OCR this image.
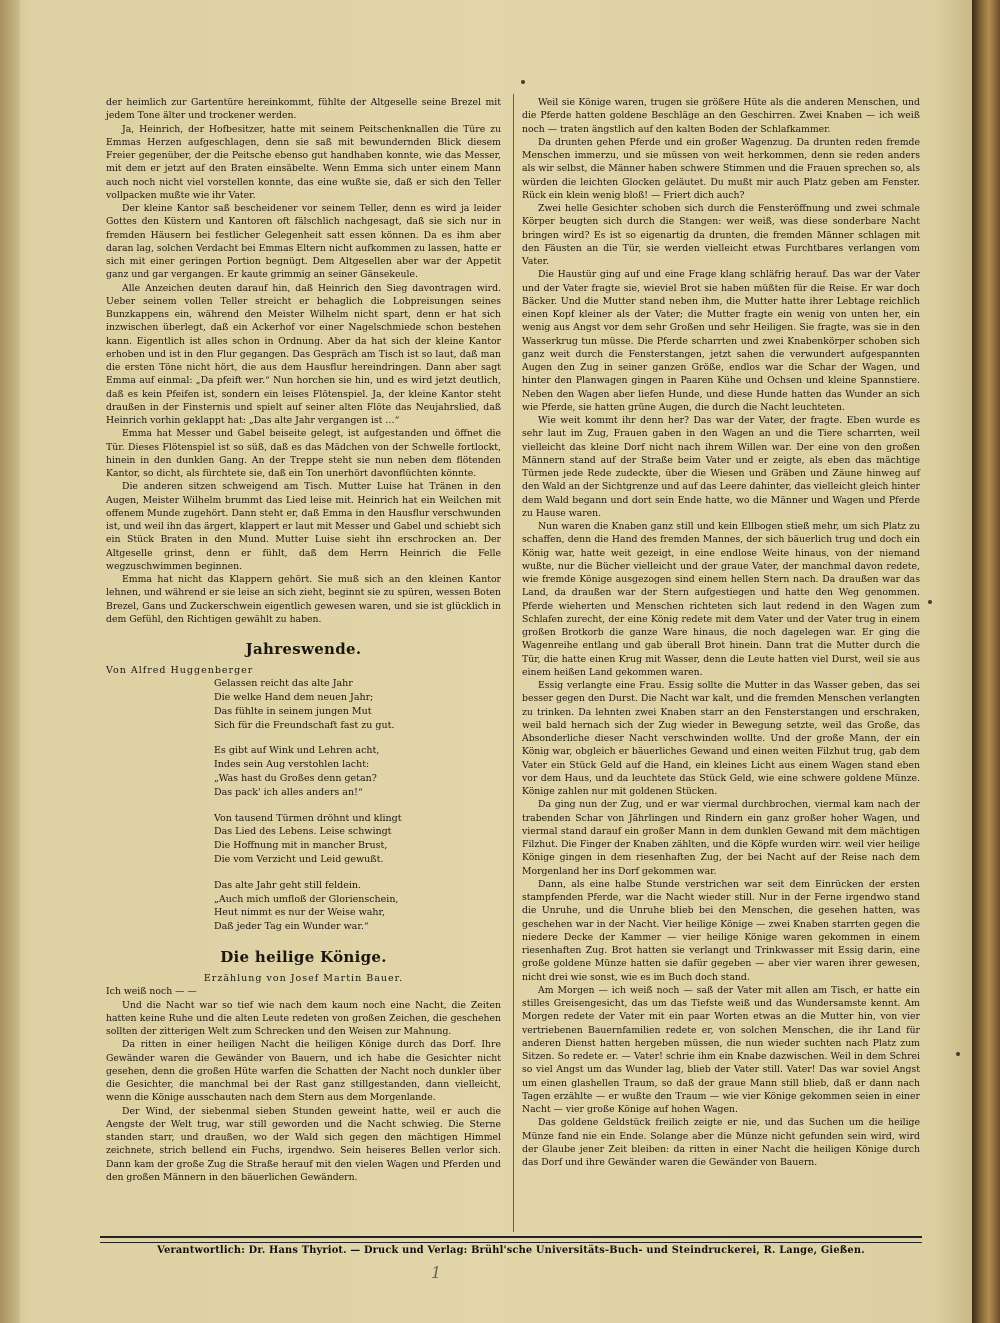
der heimlich zur Gartentüre hereinkommt, fühlte der Altgeselle seine Brezel mit jedem Tone älter und trockener werden.

Ja, Heinrich, der Hofbesitzer, hatte mit seinem Peitschenknallen die Türe zu Emmas Herzen aufgeschlagen, denn sie saß mit bewundernden Blick diesem Freier gegenüber, der die Peitsche ebenso gut handhaben konnte, wie das Messer, mit dem er jetzt auf den Braten einsäbelte. Wenn Emma sich unter einem Mann auch noch nicht viel vorstellen konnte, das eine wußte sie, daß er sich den Teller vollpacken mußte wie ihr Vater.

Der kleine Kantor saß bescheidener vor seinem Teller, denn es wird ja leider Gottes den Küstern und Kantoren oft fälschlich nachgesagt, daß sie sich nur in fremden Häusern bei festlicher Gelegenheit satt essen können. Da es ihm aber daran lag, solchen Verdacht bei Emmas Eltern nicht aufkommen zu lassen, hatte er sich mit einer geringen Portion begnügt. Dem Altgesellen aber war der Appetit ganz und gar vergangen. Er kaute grimmig an seiner Gänsekeule.

Alle Anzeichen deuten darauf hin, daß Heinrich den Sieg davontragen wird. Ueber seinem vollen Teller streicht er behaglich die Lobpreisungen seines Bunzkappens ein, während den Meister Wilhelm nicht spart, denn er hat sich inzwischen überlegt, daß ein Ackerhof vor einer Nagelschmiede schon bestehen kann. Eigentlich ist alles schon in Ordnung. Aber da hat sich der kleine Kantor erhoben und ist in den Flur gegangen. Das Gespräch am Tisch ist so laut, daß man die ersten Töne nicht hört, die aus dem Hausflur hereindringen. Dann aber sagt Emma auf einmal: „Da pfeift wer.“ Nun horchen sie hin, und es wird jetzt deutlich, daß es kein Pfeifen ist, sondern ein leises Flötenspiel. Ja, der kleine Kantor steht draußen in der Finsternis und spielt auf seiner alten Flöte das Neujahrslied, daß Heinrich vorhin geklappt hat: „Das alte Jahr vergangen ist …“

Emma hat Messer und Gabel beiseite gelegt, ist aufgestanden und öffnet die Tür. Dieses Flötenspiel ist so süß, daß es das Mädchen von der Schwelle fortlockt, hinein in den dunklen Gang. An der Treppe steht sie nun neben dem flötenden Kantor, so dicht, als fürchtete sie, daß ein Ton unerhört davonflüchten könnte.

Die anderen sitzen schweigend am Tisch. Mutter Luise hat Tränen in den Augen, Meister Wilhelm brummt das Lied leise mit. Heinrich hat ein Weilchen mit offenem Munde zugehört. Dann steht er, daß Emma in den Hausflur verschwunden ist, und weil ihn das ärgert, klappert er laut mit Messer und Gabel und schiebt sich ein Stück Braten in den Mund. Mutter Luise sieht ihn erschrocken an. Der Altgeselle grinst, denn er fühlt, daß dem Herrn Heinrich die Felle wegzuschwimmen beginnen.

Emma hat nicht das Klappern gehört. Sie muß sich an den kleinen Kantor lehnen, und während er sie leise an sich zieht, beginnt sie zu spüren, wessen Boten Brezel, Gans und Zuckerschwein eigentlich gewesen waren, und sie ist glücklich in dem Gefühl, den Richtigen gewählt zu haben.

Jahreswende.

Von Alfred Huggenberger

Gelassen reicht das alte Jahr
Die welke Hand dem neuen Jahr;
Das fühlte in seinem jungen Mut
Sich für die Freundschaft fast zu gut.
Es gibt auf Wink und Lehren acht,
Indes sein Aug verstohlen lacht:
„Was hast du Großes denn getan?
Das pack' ich alles anders an!“
Von tausend Türmen dröhnt und klingt
Das Lied des Lebens. Leise schwingt
Die Hoffnung mit in mancher Brust,
Die vom Verzicht und Leid gewußt.
Das alte Jahr geht still feldein.
„Auch mich umfloß der Glorienschein,
Heut nimmt es nur der Weise wahr,
Daß jeder Tag ein Wunder war.“
Die heilige Könige.

Erzählung von Josef Martin Bauer.

Ich weiß noch — —

Und die Nacht war so tief wie nach dem kaum noch eine Nacht, die Zeiten hatten keine Ruhe und die alten Leute redeten von großen Zeichen, die geschehen sollten der zitterigen Welt zum Schrecken und den Weisen zur Mahnung.

Da ritten in einer heiligen Nacht die heiligen Könige durch das Dorf. Ihre Gewänder waren die Gewänder von Bauern, und ich habe die Gesichter nicht gesehen, denn die großen Hüte warfen die Schatten der Nacht noch dunkler über die Gesichter, die manchmal bei der Rast ganz stillgestanden, dann vielleicht, wenn die Könige ausschauten nach dem Stern aus dem Morgenlande.

Der Wind, der siebenmal sieben Stunden geweint hatte, weil er auch die Aengste der Welt trug, war still geworden und die Nacht schwieg. Die Sterne standen starr, und draußen, wo der Wald sich gegen den mächtigen Himmel zeichnete, strich bellend ein Fuchs, irgendwo. Sein heiseres Bellen verlor sich. Dann kam der große Zug die Straße herauf mit den vielen Wagen und Pferden und den großen Männern in den bäuerlichen Gewändern.

Weil sie Könige waren, trugen sie größere Hüte als die anderen Menschen, und die Pferde hatten goldene Beschläge an den Geschirren. Zwei Knaben — ich weiß noch — traten ängstlich auf den kalten Boden der Schlafkammer.

Da drunten gehen Pferde und ein großer Wagenzug. Da drunten reden fremde Menschen immerzu, und sie müssen von weit herkommen, denn sie reden anders als wir selbst, die Männer haben schwere Stimmen und die Frauen sprechen so, als würden die leichten Glocken geläutet. Du mußt mir auch Platz geben am Fenster. Rück ein klein wenig bloß! — Friert dich auch?

Zwei helle Gesichter schoben sich durch die Fensteröffnung und zwei schmale Körper beugten sich durch die Stangen: wer weiß, was diese sonderbare Nacht bringen wird? Es ist so eigenartig da drunten, die fremden Männer schlagen mit den Fäusten an die Tür, sie werden vielleicht etwas Furchtbares verlangen vom Vater.

Die Haustür ging auf und eine Frage klang schläfrig herauf. Das war der Vater und der Vater fragte sie, wieviel Brot sie haben müßten für die Reise. Er war doch Bäcker. Und die Mutter stand neben ihm, die Mutter hatte ihrer Lebtage reichlich einen Kopf kleiner als der Vater; die Mutter fragte ein wenig von unten her, ein wenig aus Angst vor dem sehr Großen und sehr Heiligen. Sie fragte, was sie in den Wasserkrug tun müsse. Die Pferde scharrten und zwei Knabenkörper schoben sich ganz weit durch die Fensterstangen, jetzt sahen die verwundert aufgespannten Augen den Zug in seiner ganzen Größe, endlos war die Schar der Wagen, und hinter den Planwagen gingen in Paaren Kühe und Ochsen und kleine Spannstiere. Neben den Wagen aber liefen Hunde, und diese Hunde hatten das Wunder an sich wie Pferde, sie hatten grüne Augen, die durch die Nacht leuchteten.

Wie weit kommt ihr denn her? Das war der Vater, der fragte. Eben wurde es sehr laut im Zug, Frauen gaben in den Wagen an und die Tiere scharrten, weil vielleicht das kleine Dorf nicht nach ihrem Willen war. Der eine von den großen Männern stand auf der Straße beim Vater und er zeigte, als eben das mächtige Türmen jede Rede zudeckte, über die Wiesen und Gräben und Zäune hinweg auf den Wald an der Sichtgrenze und auf das Leere dahinter, das vielleicht gleich hinter dem Wald begann und dort sein Ende hatte, wo die Männer und Wagen und Pferde zu Hause waren.

Nun waren die Knaben ganz still und kein Ellbogen stieß mehr, um sich Platz zu schaffen, denn die Hand des fremden Mannes, der sich bäuerlich trug und doch ein König war, hatte weit gezeigt, in eine endlose Weite hinaus, von der niemand wußte, nur die Bücher vielleicht und der graue Vater, der manchmal davon redete, wie fremde Könige ausgezogen sind einem hellen Stern nach. Da draußen war das Land, da draußen war der Stern aufgestiegen und hatte den Weg genommen. Pferde wieherten und Menschen richteten sich laut redend in den Wagen zum Schlafen zurecht, der eine König redete mit dem Vater und der Vater trug in einem großen Brotkorb die ganze Ware hinaus, die noch dagelegen war. Er ging die Wagenreihe entlang und gab überall Brot hinein. Dann trat die Mutter durch die Tür, die hatte einen Krug mit Wasser, denn die Leute hatten viel Durst, weil sie aus einem heißen Land gekommen waren.

Essig verlangte eine Frau. Essig sollte die Mutter in das Wasser geben, das sei besser gegen den Durst. Die Nacht war kalt, und die fremden Menschen verlangten zu trinken. Da lehnten zwei Knaben starr an den Fensterstangen und erschraken, weil bald hernach sich der Zug wieder in Bewegung setzte, weil das Große, das Absonderliche dieser Nacht verschwinden wollte. Und der große Mann, der ein König war, obgleich er bäuerliches Gewand und einen weiten Filzhut trug, gab dem Vater ein Stück Geld auf die Hand, ein kleines Licht aus einem Wagen stand eben vor dem Haus, und da leuchtete das Stück Geld, wie eine schwere goldene Münze. Könige zahlen nur mit goldenen Stücken.

Da ging nun der Zug, und er war viermal durchbrochen, viermal kam nach der trabenden Schar von Jährlingen und Rindern ein ganz großer hoher Wagen, und viermal stand darauf ein großer Mann in dem dunklen Gewand mit dem mächtigen Filzhut. Die Finger der Knaben zählten, und die Köpfe wurden wirr. weil vier heilige Könige gingen in dem riesenhaften Zug, der bei Nacht auf der Reise nach dem Morgenland her ins Dorf gekommen war.

Dann, als eine halbe Stunde verstrichen war seit dem Einrücken der ersten stampfenden Pferde, war die Nacht wieder still. Nur in der Ferne irgendwo stand die Unruhe, und die Unruhe blieb bei den Menschen, die gesehen hatten, was geschehen war in der Nacht. Vier heilige Könige — zwei Knaben starrten gegen die niedere Decke der Kammer — vier heilige Könige waren gekommen in einem riesenhaften Zug. Brot hatten sie verlangt und Trinkwasser mit Essig darin, eine große goldene Münze hatten sie dafür gegeben — aber vier waren ihrer gewesen, nicht drei wie sonst, wie es im Buch doch stand.

Am Morgen — ich weiß noch — saß der Vater mit allen am Tisch, er hatte ein stilles Greisengesicht, das um das Tiefste weiß und das Wundersamste kennt. Am Morgen redete der Vater mit ein paar Worten etwas an die Mutter hin, von vier vertriebenen Bauernfamilien redete er, von solchen Menschen, die ihr Land für anderen Dienst hatten hergeben müssen, die nun wieder suchten nach Platz zum Sitzen. So redete er. — Vater! schrie ihm ein Knabe dazwischen. Weil in dem Schrei so viel Angst um das Wunder lag, blieb der Vater still. Vater! Das war soviel Angst um einen glashellen Traum, so daß der graue Mann still blieb, daß er dann nach Tagen erzählte — er wußte den Traum — wie vier Könige gekommen seien in einer Nacht — vier große Könige auf hohen Wagen.

Das goldene Geldstück freilich zeigte er nie, und das Suchen um die heilige Münze fand nie ein Ende. Solange aber die Münze nicht gefunden sein wird, wird der Glaube jener Zeit bleiben: da ritten in einer Nacht die heiligen Könige durch das Dorf und ihre Gewänder waren die Gewänder von Bauern.

Verantwortlich: Dr. Hans Thyriot. — Druck und Verlag: Brühl'sche Universitäts-Buch- und Steindruckerei, R. Lange, Gießen.
1
